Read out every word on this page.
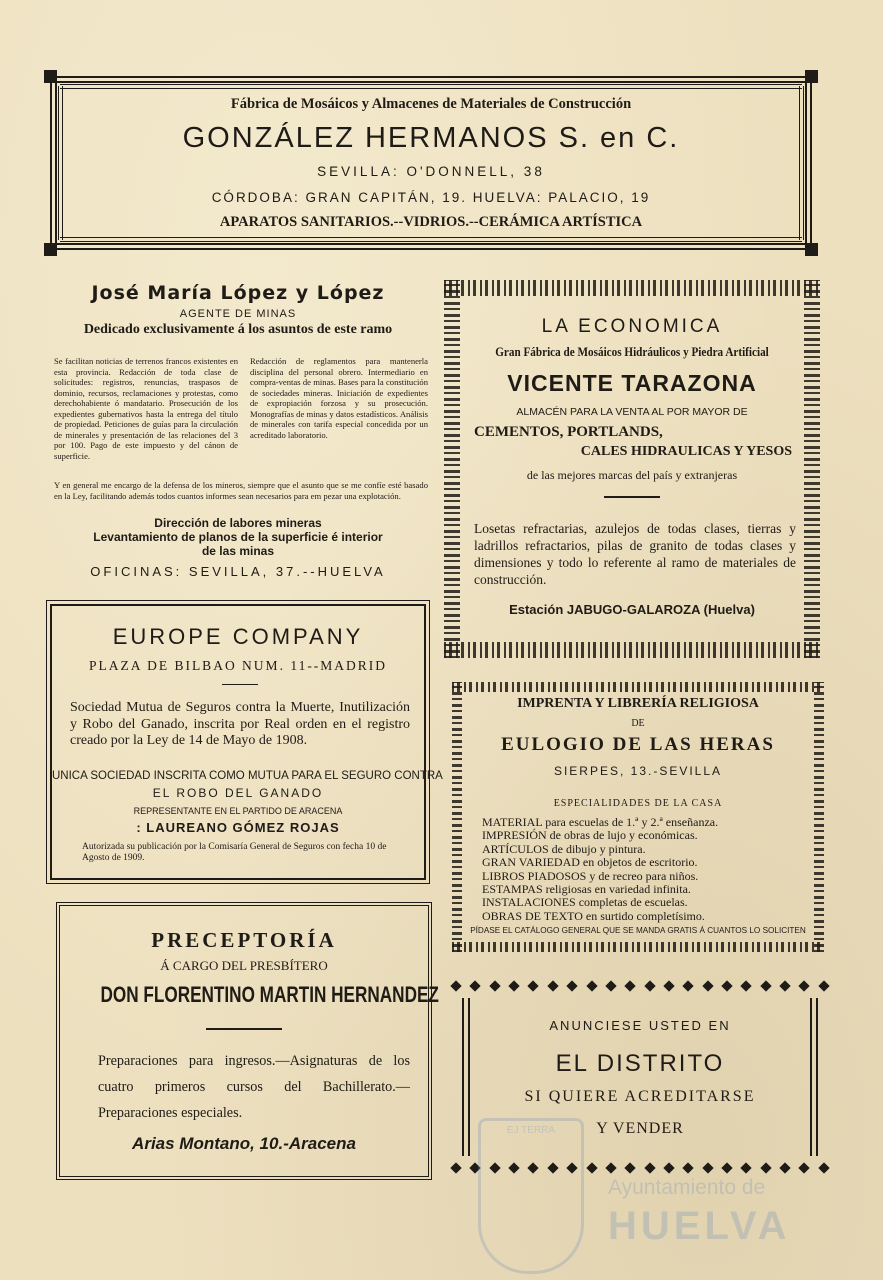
Fábrica de Mosáicos y Almacenes de Materiales de Construcción
GONZÁLEZ HERMANOS S. en C.
SEVILLA: O'DONNELL, 38
CÓRDOBA: GRAN CAPITÁN, 19. HUELVA: PALACIO, 19
APARATOS SANITARIOS.--VIDRIOS.--CERÁMICA ARTÍSTICA
José María López y López
AGENTE DE MINAS
Dedicado exclusivamente á los asuntos de este ramo
Se facilitan noticias de terrenos francos existentes en esta provincia. Redacción de toda clase de solicitudes: registros, renuncias, traspasos de dominio, recursos, reclamaciones y protestas, como derechohabiente ó mandatario. Prosecución de los expedientes gubernativos hasta la entrega del título de propiedad. Peticiones de guías para la circulación de minerales y presentación de las relaciones del 3 por 100. Pago de este impuesto y del cánon de superficie.
Redacción de reglamentos para mantenerla disciplina del personal obrero. Intermediario en compra-ventas de minas. Bases para la constitución de sociedades mineras. Iniciación de expedientes de expropiación forzosa y su prosecución. Monografías de minas y datos estadísticos. Análisis de minerales con tarifa especial concedida por un acreditado laboratorio.
Y en general me encargo de la defensa de los mineros, siempre que el asunto que se me confíe esté basado en la Ley, facilitando además todos cuantos informes sean necesarios para em pezar una explotación.
Dirección de labores mineras
Levantamiento de planos de la superficie é interior
de las minas
OFICINAS: SEVILLA, 37.--HUELVA
LA ECONOMICA
Gran Fábrica de Mosáicos Hidráulicos y Piedra Artificial
VICENTE TARAZONA
ALMACÉN PARA LA VENTA AL POR MAYOR DE
CEMENTOS, PORTLANDS,
CALES HIDRAULICAS Y YESOS
de las mejores marcas del país y extranjeras
Losetas refractarias, azulejos de todas clases, tierras y ladrillos refractarios, pilas de granito de todas clases y dimensiones y todo lo referente al ramo de materiales de construcción.
Estación JABUGO-GALAROZA (Huelva)
EUROPE COMPANY
PLAZA DE BILBAO NUM. 11--MADRID
Sociedad Mutua de Seguros contra la Muerte, Inutilización y Robo del Ganado, inscrita por Real orden en el registro creado por la Ley de 14 de Mayo de 1908.
UNICA SOCIEDAD INSCRITA COMO MUTUA PARA EL SEGURO CONTRA
EL ROBO DEL GANADO
REPRESENTANTE EN EL PARTIDO DE ARACENA
: LAUREANO GÓMEZ ROJAS
Autorizada su publicación por la Comisaría General de Seguros con fecha 10 de Agosto de 1909.
IMPRENTA Y LIBRERÍA RELIGIOSA
DE
EULOGIO DE LAS HERAS
SIERPES, 13.-SEVILLA
ESPECIALIDADES DE LA CASA
MATERIAL para escuelas de 1.ª y 2.ª enseñanza.
IMPRESIÓN de obras de lujo y económicas.
ARTÍCULOS de dibujo y pintura.
GRAN VARIEDAD en objetos de escritorio.
LIBROS PIADOSOS y de recreo para niños.
ESTAMPAS religiosas en variedad infinita.
INSTALACIONES completas de escuelas.
OBRAS DE TEXTO en surtido completísimo.
PÍDASE EL CATÁLOGO GENERAL QUE SE MANDA GRATIS Á CUANTOS LO SOLICITEN
PRECEPTORÍA
Á CARGO DEL PRESBÍTERO
DON FLORENTINO MARTIN HERNANDEZ
Preparaciones para ingresos.—Asignaturas de los cuatro primeros cursos del Bachillerato.—Preparaciones especiales.
Arias Montano, 10.-Aracena
ANUNCIESE USTED EN
EL DISTRITO
SI QUIERE ACREDITARSE
Y VENDER
EJ TERRA
Ayuntamiento de
HUELVA
